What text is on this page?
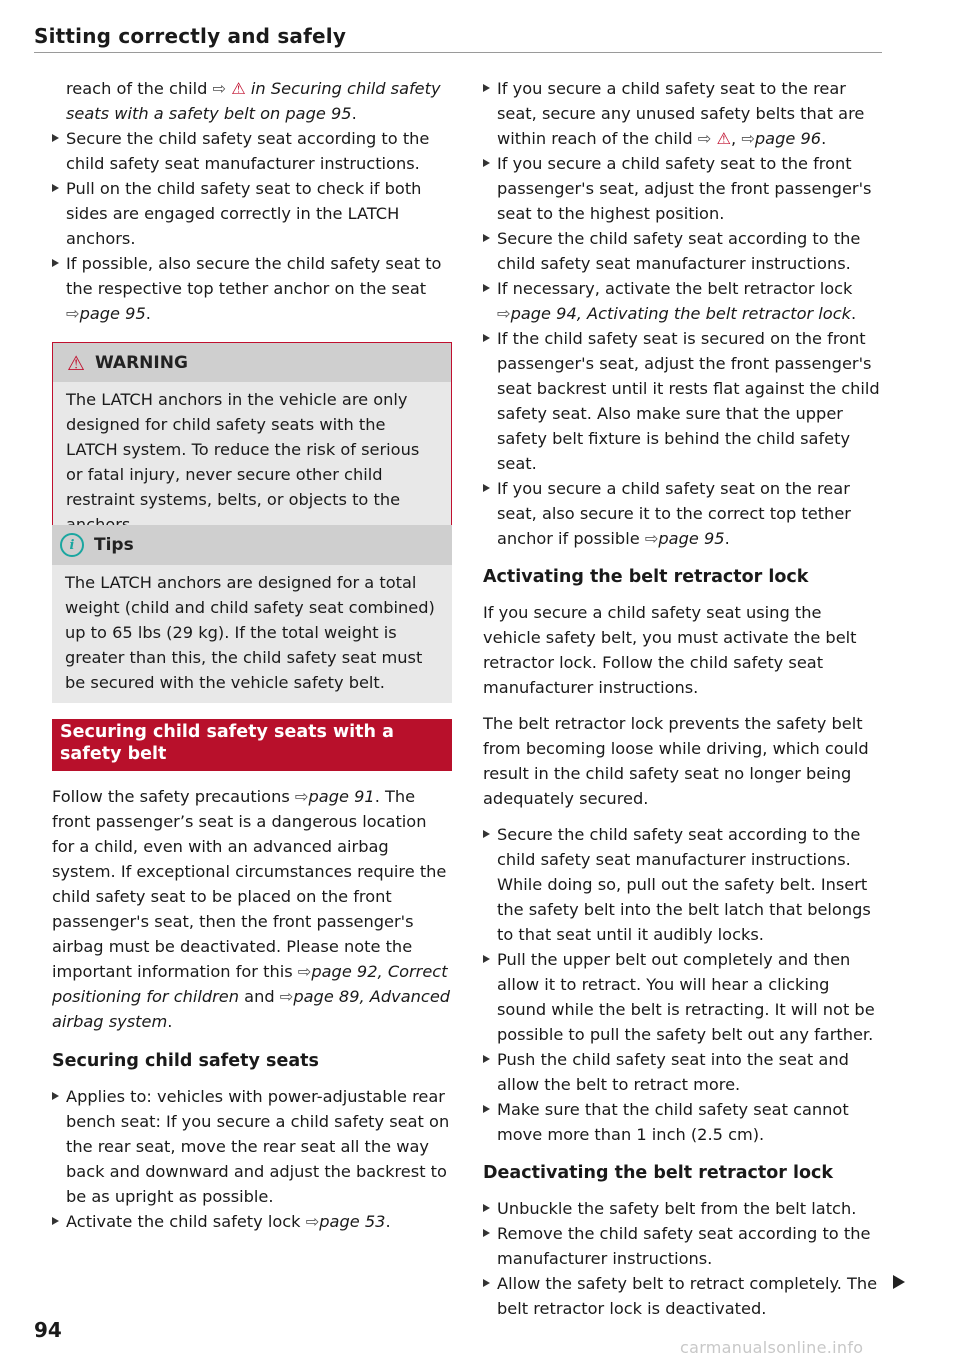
Sitting correctly and safely

reach of the child ⇨ ⚠ in Securing child safety seats with a safety belt on page 95.

Secure the child safety seat according to the child safety seat manufacturer instructions.

Pull on the child safety seat to check if both sides are engaged correctly in the LATCH anchors.

If possible, also secure the child safety seat to the respective top tether anchor on the seat ⇨page 95.

⚠ WARNING

The LATCH anchors in the vehicle are only designed for child safety seats with the LATCH system. To reduce the risk of serious or fatal injury, never secure other child restraint systems, belts, or objects to the

i	Tips

The LATCH anchors are designed for a total weight (child and child safety seat combined) up to 65 lbs (29 kg). If the total weight is greater than this, the child safety seat must be secured with the vehicle safety belt.

Securing child safety seats with a safety belt

Follow the safety precautions ⇨page 91. The front passenger’s seat is a dangerous location for a child, even with an advanced airbag system. If exceptional circumstances require the child safety seat to be placed on the front passenger's seat, then the front passenger's airbag must be deactivated. Please note the important information for this ⇨page 92, Correct positioning for children and ⇨page 89, Advanced airbag system.

Securing child safety seats

Applies to: vehicles with power-adjustable rear bench seat: If you secure a child safety seat on the rear seat, move the rear seat all the way back and downward and adjust the backrest to be as upright as possible.

Activate the child safety lock ⇨page 53.

If you secure a child safety seat to the rear seat, secure any unused safety belts that are within reach of the child ⇨ ⚠, ⇨page 96.

If you secure a child safety seat to the front passenger's seat, adjust the front passenger's seat to the highest position.

Secure the child safety seat according to the child safety seat manufacturer instructions.

If necessary, activate the belt retractor lock ⇨page 94, Activating the belt retractor lock.

If the child safety seat is secured on the front passenger's seat, adjust the front passenger's seat backrest until it rests flat against the child safety seat. Also make sure that the upper safety belt fixture is behind the child safety seat.

If you secure a child safety seat on the rear seat, also secure it to the correct top tether anchor if possible ⇨page 95.

Activating the belt retractor lock

If you secure a child safety seat using the vehicle safety belt, you must activate the belt retractor lock. Follow the child safety seat manufacturer instructions.

The belt retractor lock prevents the safety belt from becoming loose while driving, which could result in the child safety seat no longer being adequately secured.

Secure the child safety seat according to the child safety seat manufacturer instructions. While doing so, pull out the safety belt. Insert the safety belt into the belt latch that belongs to that seat until it audibly locks.

Pull the upper belt out completely and then allow it to retract. You will hear a clicking sound while the belt is retracting. It will not be possible to pull the safety belt out any farther.

Push the child safety seat into the seat and allow the belt to retract more.

Make sure that the child safety seat cannot move more than 1 inch (2.5 cm).

Deactivating the belt retractor lock

Unbuckle the safety belt from the belt latch.

Remove the child safety seat according to the manufacturer instructions.

Allow the safety belt to retract completely. The belt retractor lock is deactivated.

94
carmanualsonline.info
